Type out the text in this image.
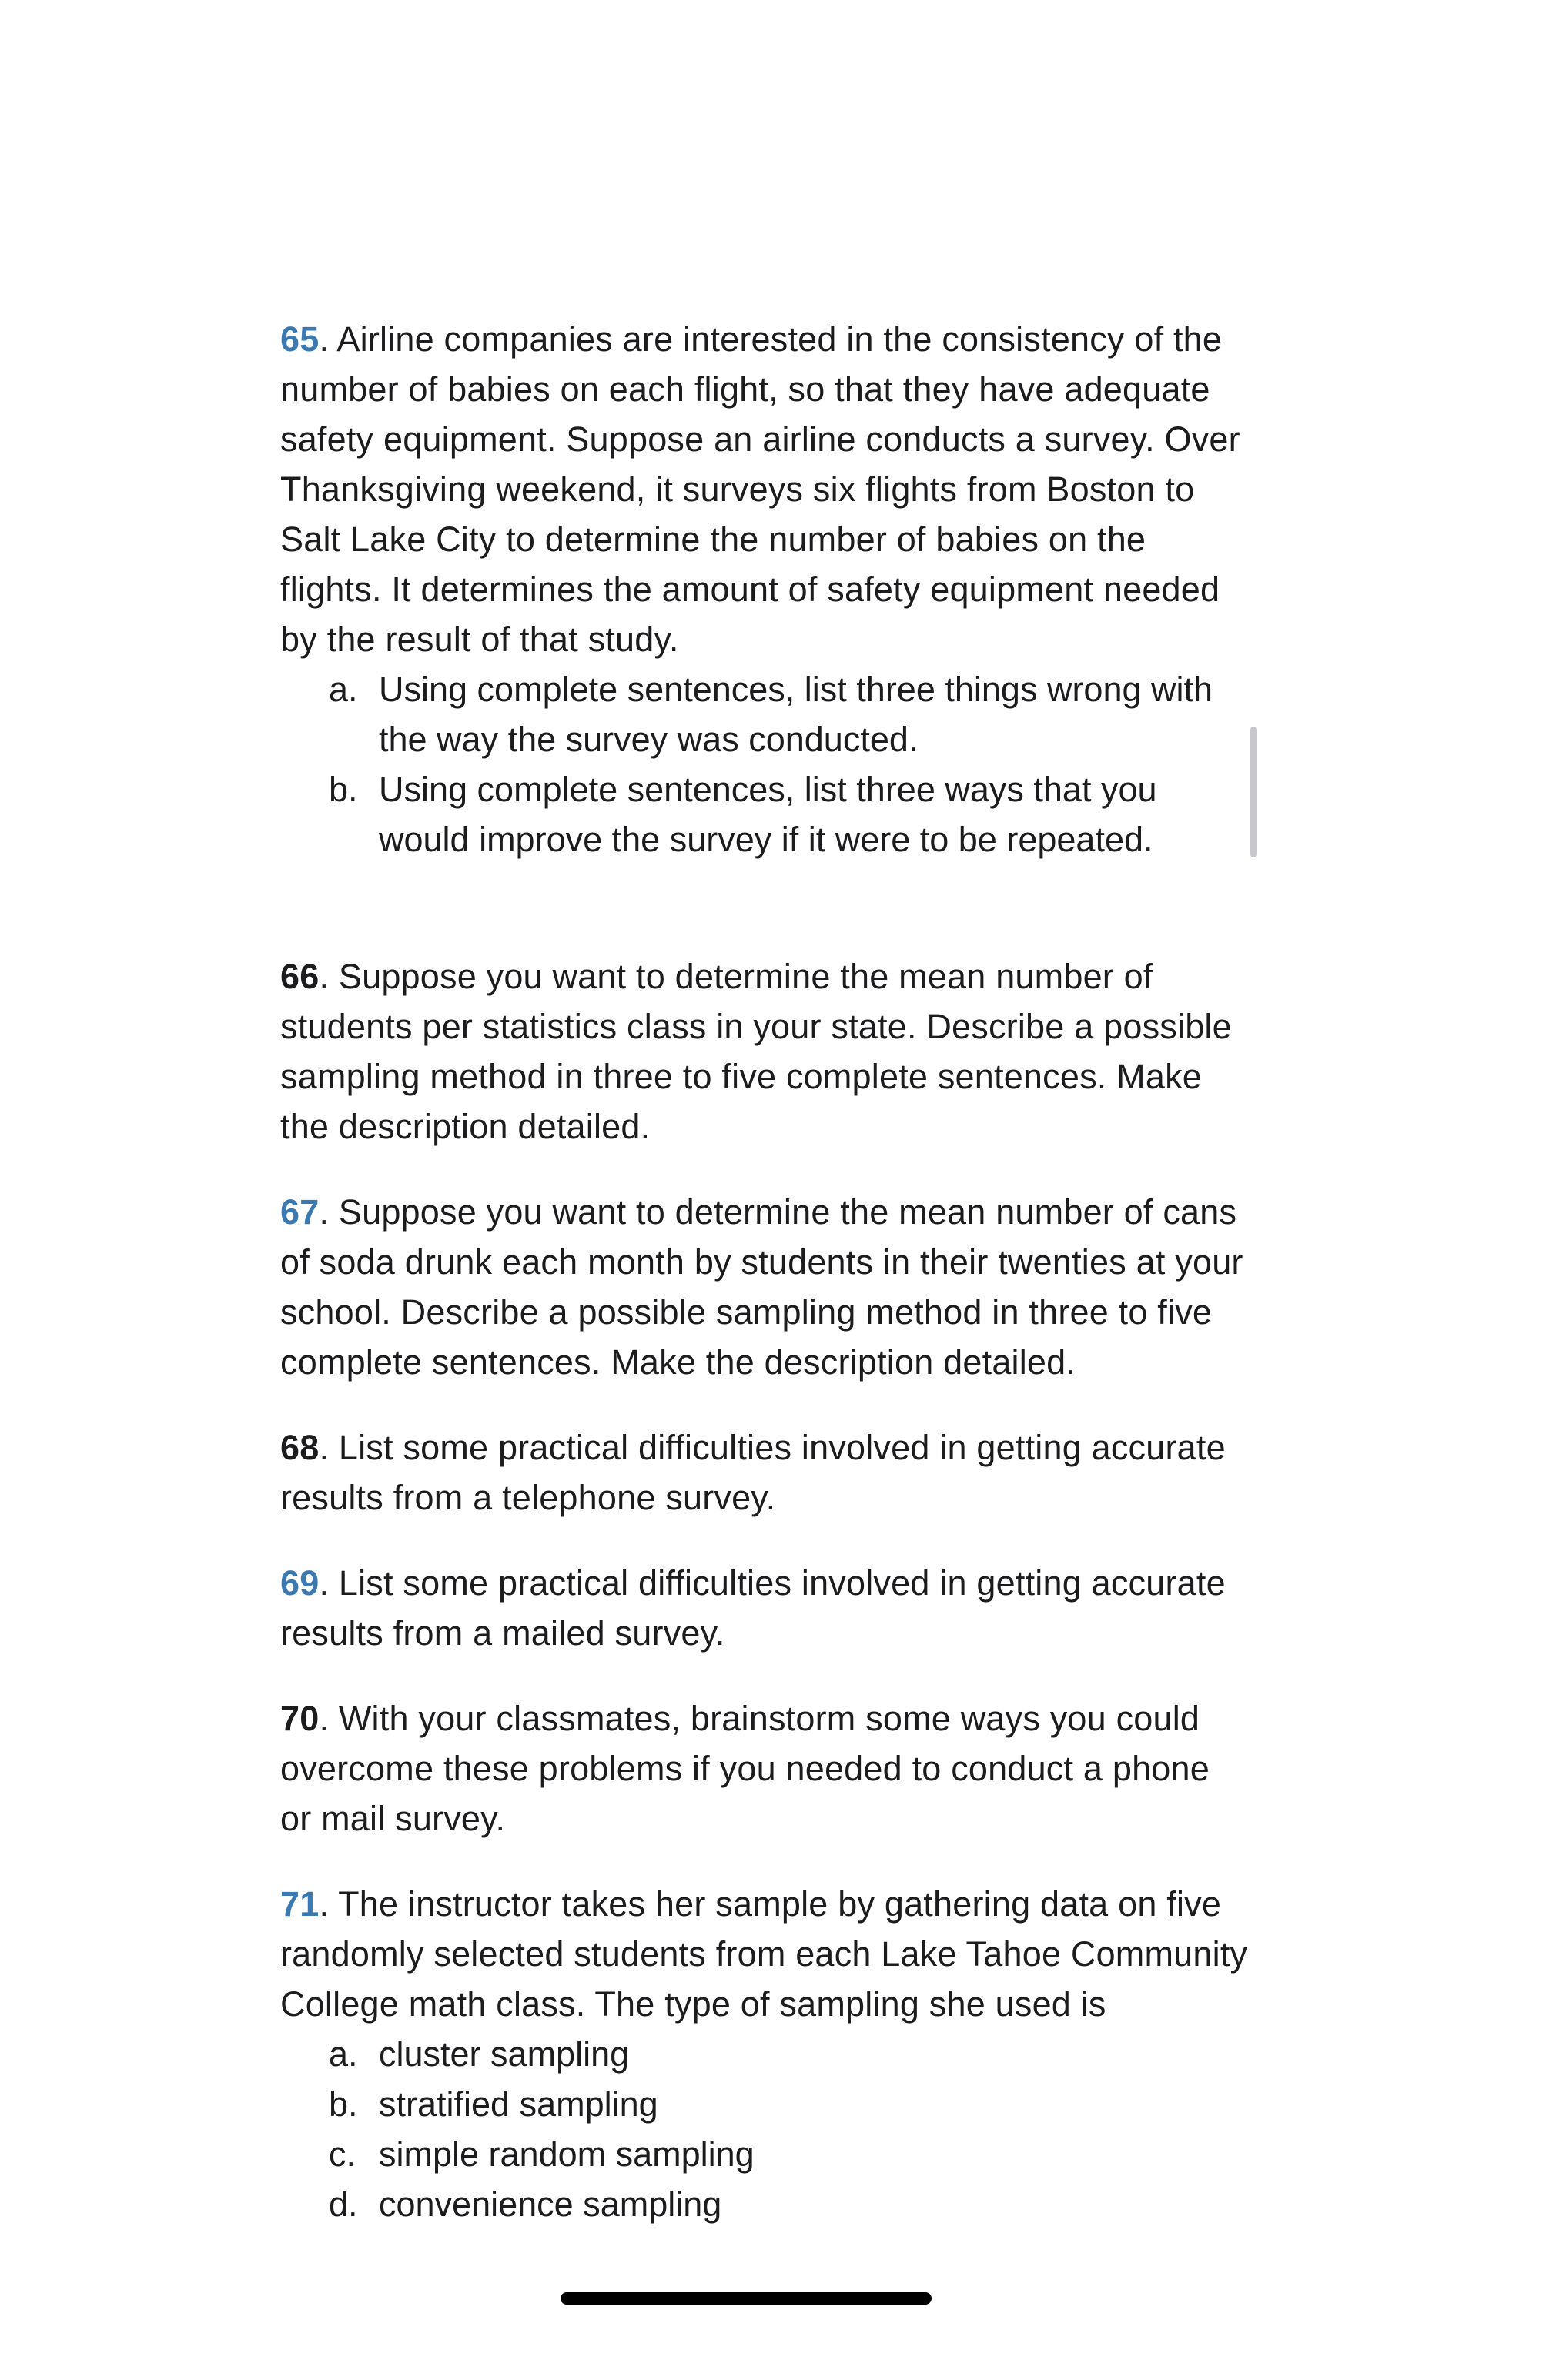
65. Airline companies are interested in the consistency of the number of babies on each flight, so that they have adequate safety equipment. Suppose an airline conducts a survey. Over Thanksgiving weekend, it surveys six flights from Boston to Salt Lake City to determine the number of babies on the flights. It determines the amount of safety equipment needed by the result of that study.

a. Using complete sentences, list three things wrong with the way the survey was conducted.
b. Using complete sentences, list three ways that you would improve the survey if it were to be repeated.

66. Suppose you want to determine the mean number of students per statistics class in your state. Describe a possible sampling method in three to five complete sentences. Make the description detailed.

67. Suppose you want to determine the mean number of cans of soda drunk each month by students in their twenties at your school. Describe a possible sampling method in three to five complete sentences. Make the description detailed.

68. List some practical difficulties involved in getting accurate results from a telephone survey.

69. List some practical difficulties involved in getting accurate results from a mailed survey.

70. With your classmates, brainstorm some ways you could overcome these problems if you needed to conduct a phone or mail survey.

71. The instructor takes her sample by gathering data on five randomly selected students from each Lake Tahoe Community College math class. The type of sampling she used is

a. cluster sampling
b. stratified sampling
c. simple random sampling
d. convenience sampling
